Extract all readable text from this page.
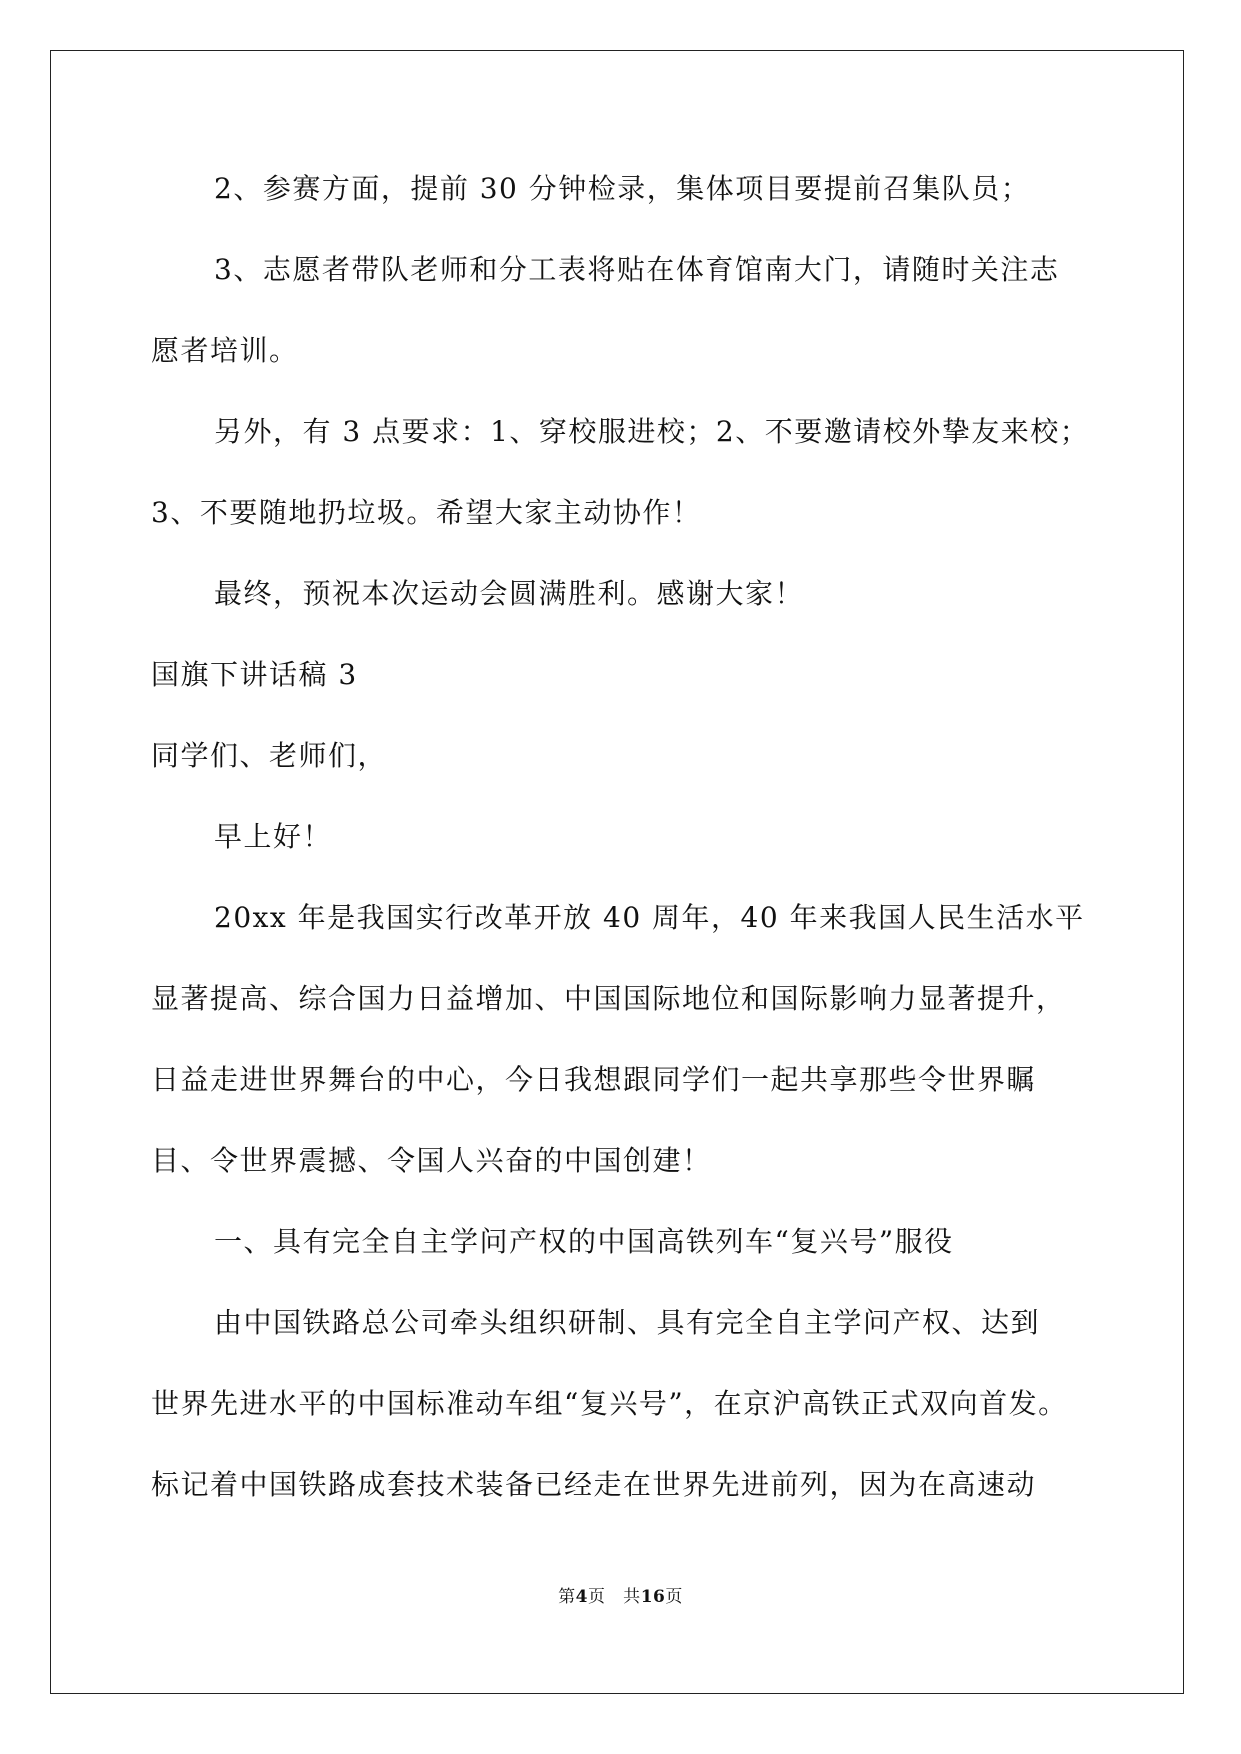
2、参赛方面，提前 30 分钟检录，集体项目要提前召集队员；
3、志愿者带队老师和分工表将贴在体育馆南大门，请随时关注志
愿者培训。
另外，有 3 点要求：1、穿校服进校；2、不要邀请校外挚友来校；
3、不要随地扔垃圾。希望大家主动协作！
最终，预祝本次运动会圆满胜利。感谢大家！
国旗下讲话稿 3
同学们、老师们，
早上好！
20xx 年是我国实行改革开放 40 周年，40 年来我国人民生活水平
显著提高、综合国力日益增加、中国国际地位和国际影响力显著提升，
日益走进世界舞台的中心，今日我想跟同学们一起共享那些令世界瞩
目、令世界震撼、令国人兴奋的中国创建！
一、具有完全自主学问产权的中国高铁列车“复兴号”服役
由中国铁路总公司牵头组织研制、具有完全自主学问产权、达到
世界先进水平的中国标准动车组“复兴号”，在京沪高铁正式双向首发。
标记着中国铁路成套技术装备已经走在世界先进前列，因为在高速动
第4页   共16页
